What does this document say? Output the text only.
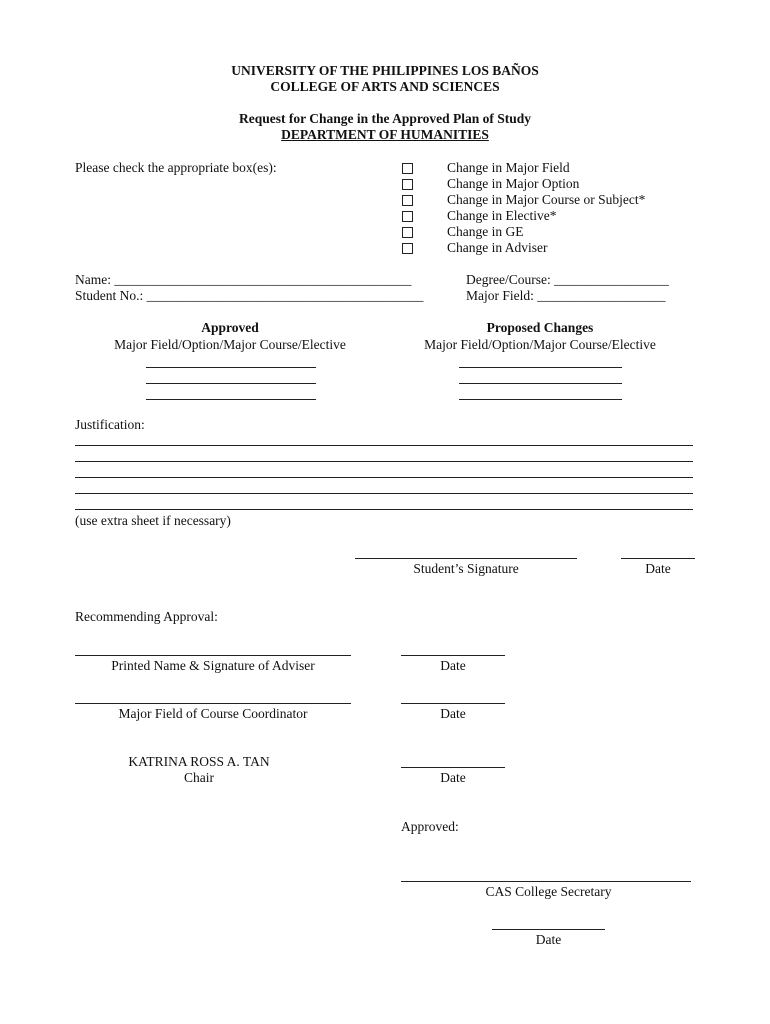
UNIVERSITY OF THE PHILIPPINES LOS BAÑOS
COLLEGE OF ARTS AND SCIENCES
Request for Change in the Approved Plan of Study
DEPARTMENT OF HUMANITIES
Please check the appropriate box(es):	Change in Major Field
Change in Major Option
Change in Major Course or Subject*
Change in Elective*
Change in GE
Change in Adviser
Name: ____________________________________________	Degree/Course: _________________
Student No.: _________________________________________	Major Field: ___________________
Approved
Major Field/Option/Major Course/Elective
Proposed Changes
Major Field/Option/Major Course/Elective
Justification:
(use extra sheet if necessary)
Student’s Signature	Date
Recommending Approval:
Printed Name & Signature of Adviser	Date
Major Field of Course Coordinator	Date
KATRINA ROSS A. TAN
Chair	Date
Approved:
CAS College Secretary
Date
